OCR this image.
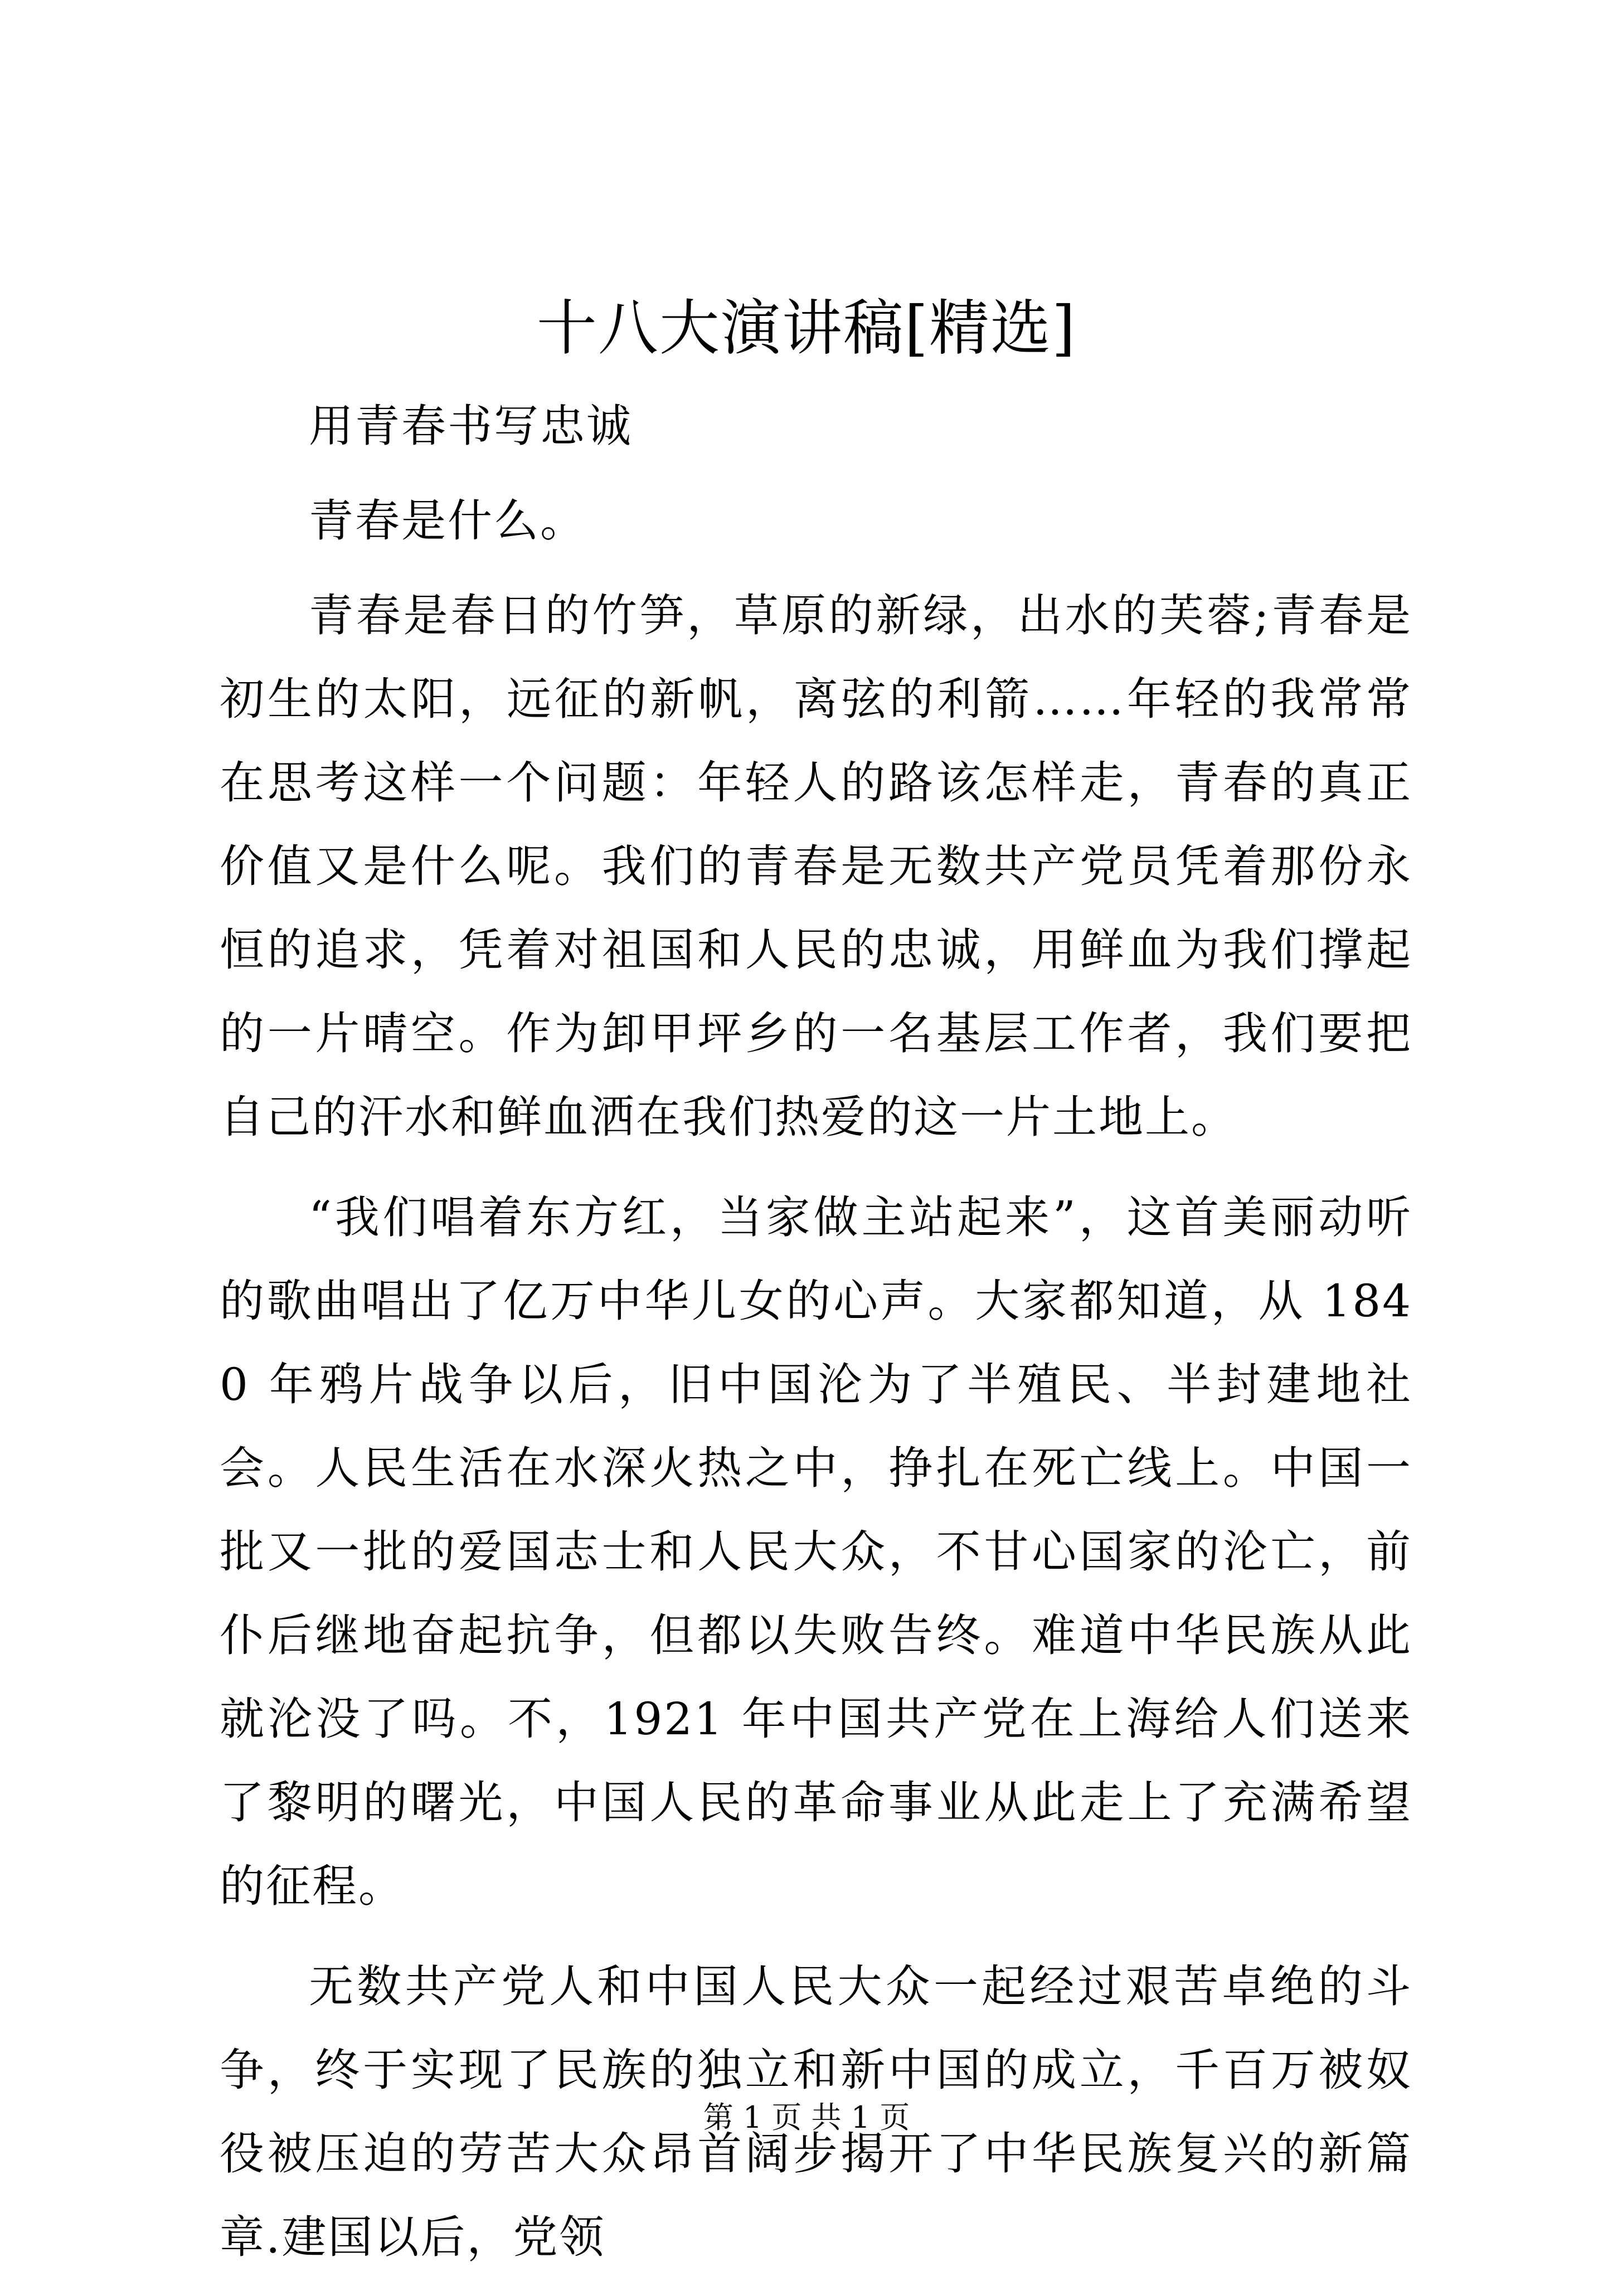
十八大演讲稿[精选]

用青春书写忠诚

青春是什么。

青春是春日的竹笋，草原的新绿，出水的芙蓉;青春是初生的太阳，远征的新帆，离弦的利箭……年轻的我常常在思考这样一个问题：年轻人的路该怎样走，青春的真正价值又是什么呢。我们的青春是无数共产党员凭着那份永恒的追求，凭着对祖国和人民的忠诚，用鲜血为我们撑起的一片晴空。作为卸甲坪乡的一名基层工作者，我们要把自己的汗水和鲜血洒在我们热爱的这一片土地上。

“我们唱着东方红，当家做主站起来”，这首美丽动听的歌曲唱出了亿万中华儿女的心声。大家都知道，从 1840 年鸦片战争以后，旧中国沦为了半殖民、半封建地社会。人民生活在水深火热之中，挣扎在死亡线上。中国一批又一批的爱国志士和人民大众，不甘心国家的沦亡，前仆后继地奋起抗争，但都以失败告终。难道中华民族从此就沦没了吗。不，1921 年中国共产党在上海给人们送来了黎明的曙光，中国人民的革命事业从此走上了充满希望的征程。

无数共产党人和中国人民大众一起经过艰苦卓绝的斗争，终于实现了民族的独立和新中国的成立，千百万被奴役被压迫的劳苦大众昂首阔步揭开了中华民族复兴的新篇章.建国以后，党领

第 1 页 共 1 页
